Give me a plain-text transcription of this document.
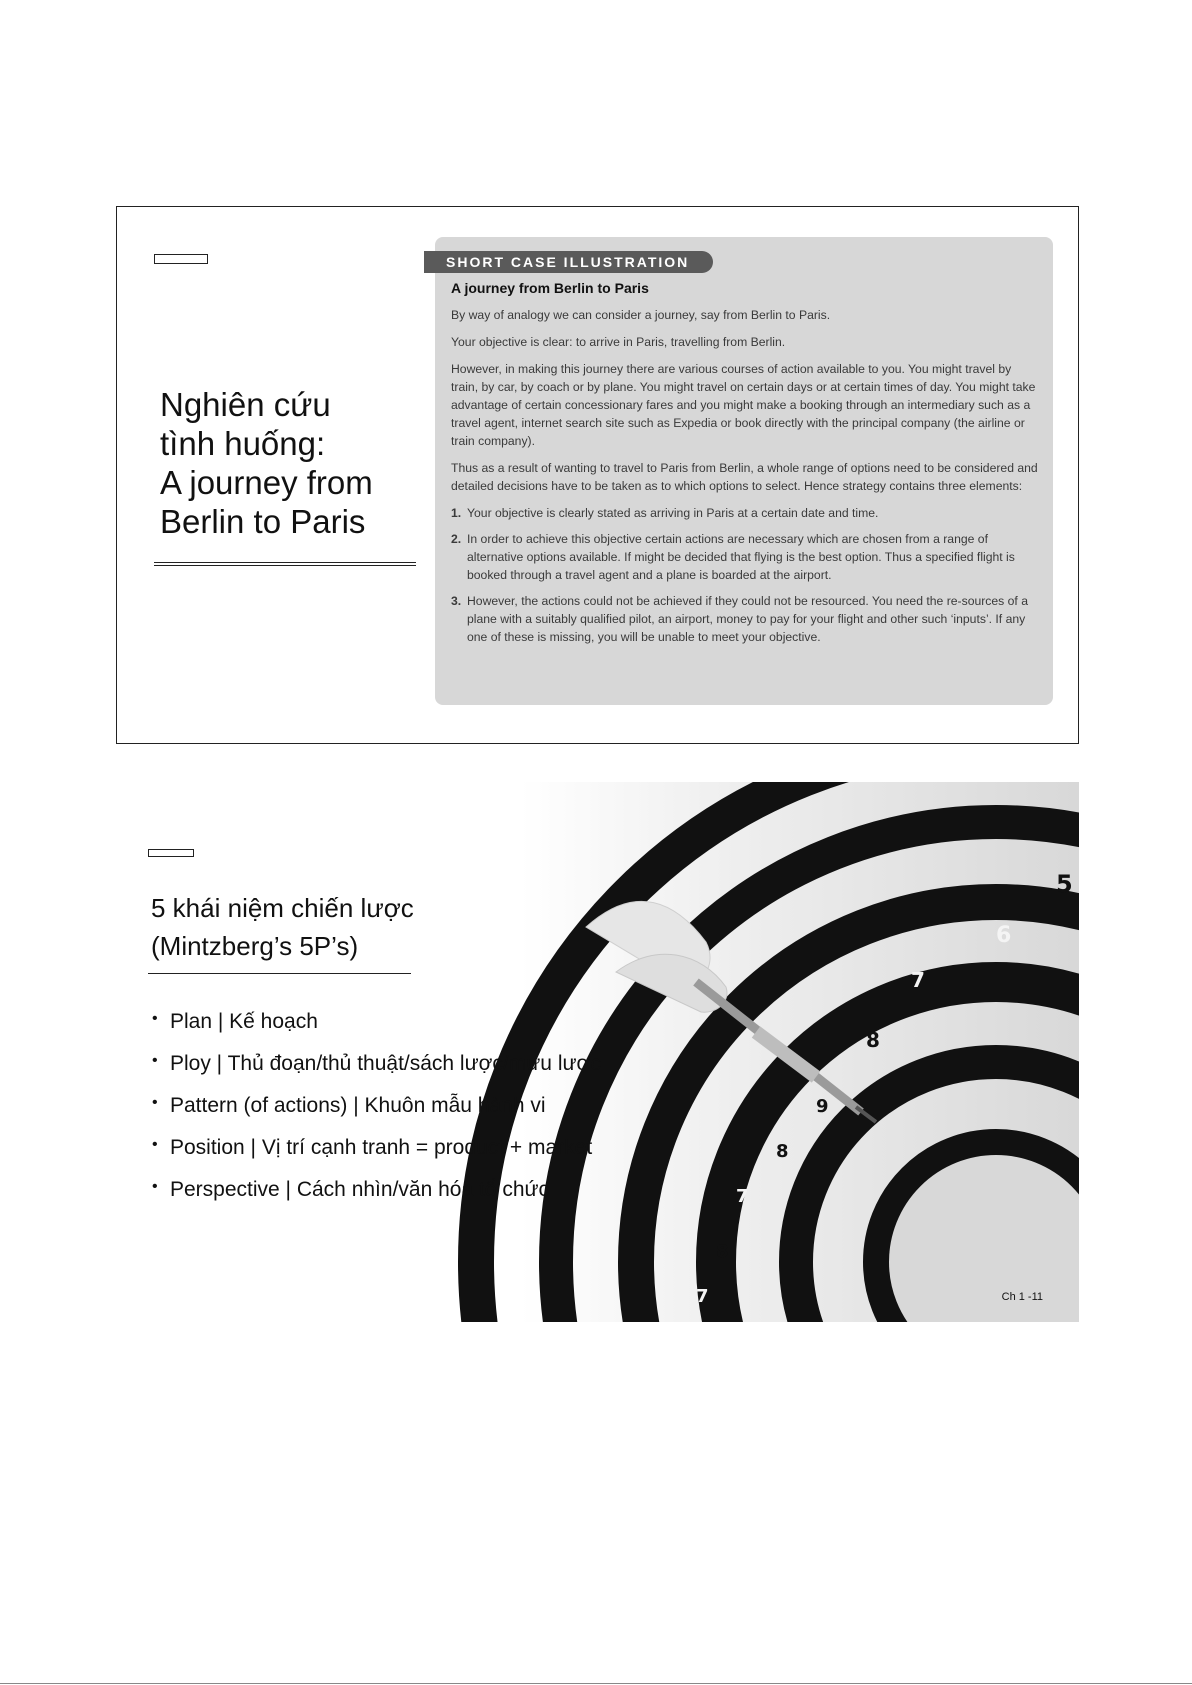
Nghiên cứu
tình huống:
A journey from
Berlin to Paris
SHORT CASE ILLUSTRATION
A journey from Berlin to Paris

By way of analogy we can consider a journey, say from Berlin to Paris.

Your objective is clear: to arrive in Paris, travelling from Berlin.

However, in making this journey there are various courses of action available to you. You might travel by train, by car, by coach or by plane. You might travel on certain days or at certain times of day. You might take advantage of certain concessionary fares and you might make a booking through an intermediary such as a travel agent, internet search site such as Expedia or book directly with the principal company (the airline or train company).

Thus as a result of wanting to travel to Paris from Berlin, a whole range of options need to be considered and detailed decisions have to be taken as to which options to select. Hence strategy contains three elements:

1. Your objective is clearly stated as arriving in Paris at a certain date and time.
2. In order to achieve this objective certain actions are necessary which are chosen from a range of alternative options available. If might be decided that flying is the best option. Thus a specified flight is booked through a travel agent and a plane is boarded at the airport.
3. However, the actions could not be achieved if they could not be resourced. You need the re-sources of a plane with a suitably qualified pilot, an airport, money to pay for your flight and other such ‘inputs’. If any one of these is missing, you will be unable to meet your objective.
5
6
7
8
9
8
7
8
7
5 khái niệm chiến lược
(Mintzberg’s 5P’s)
• Plan | Kế hoạch
• Ploy | Thủ đoạn/thủ thuật/sách lược/mưu lược
• Pattern (of actions) | Khuôn mẫu hành vi
• Position | Vị trí cạnh tranh = product + market
• Perspective | Cách nhìn/văn hóa tổ chức
Ch 1 -11
